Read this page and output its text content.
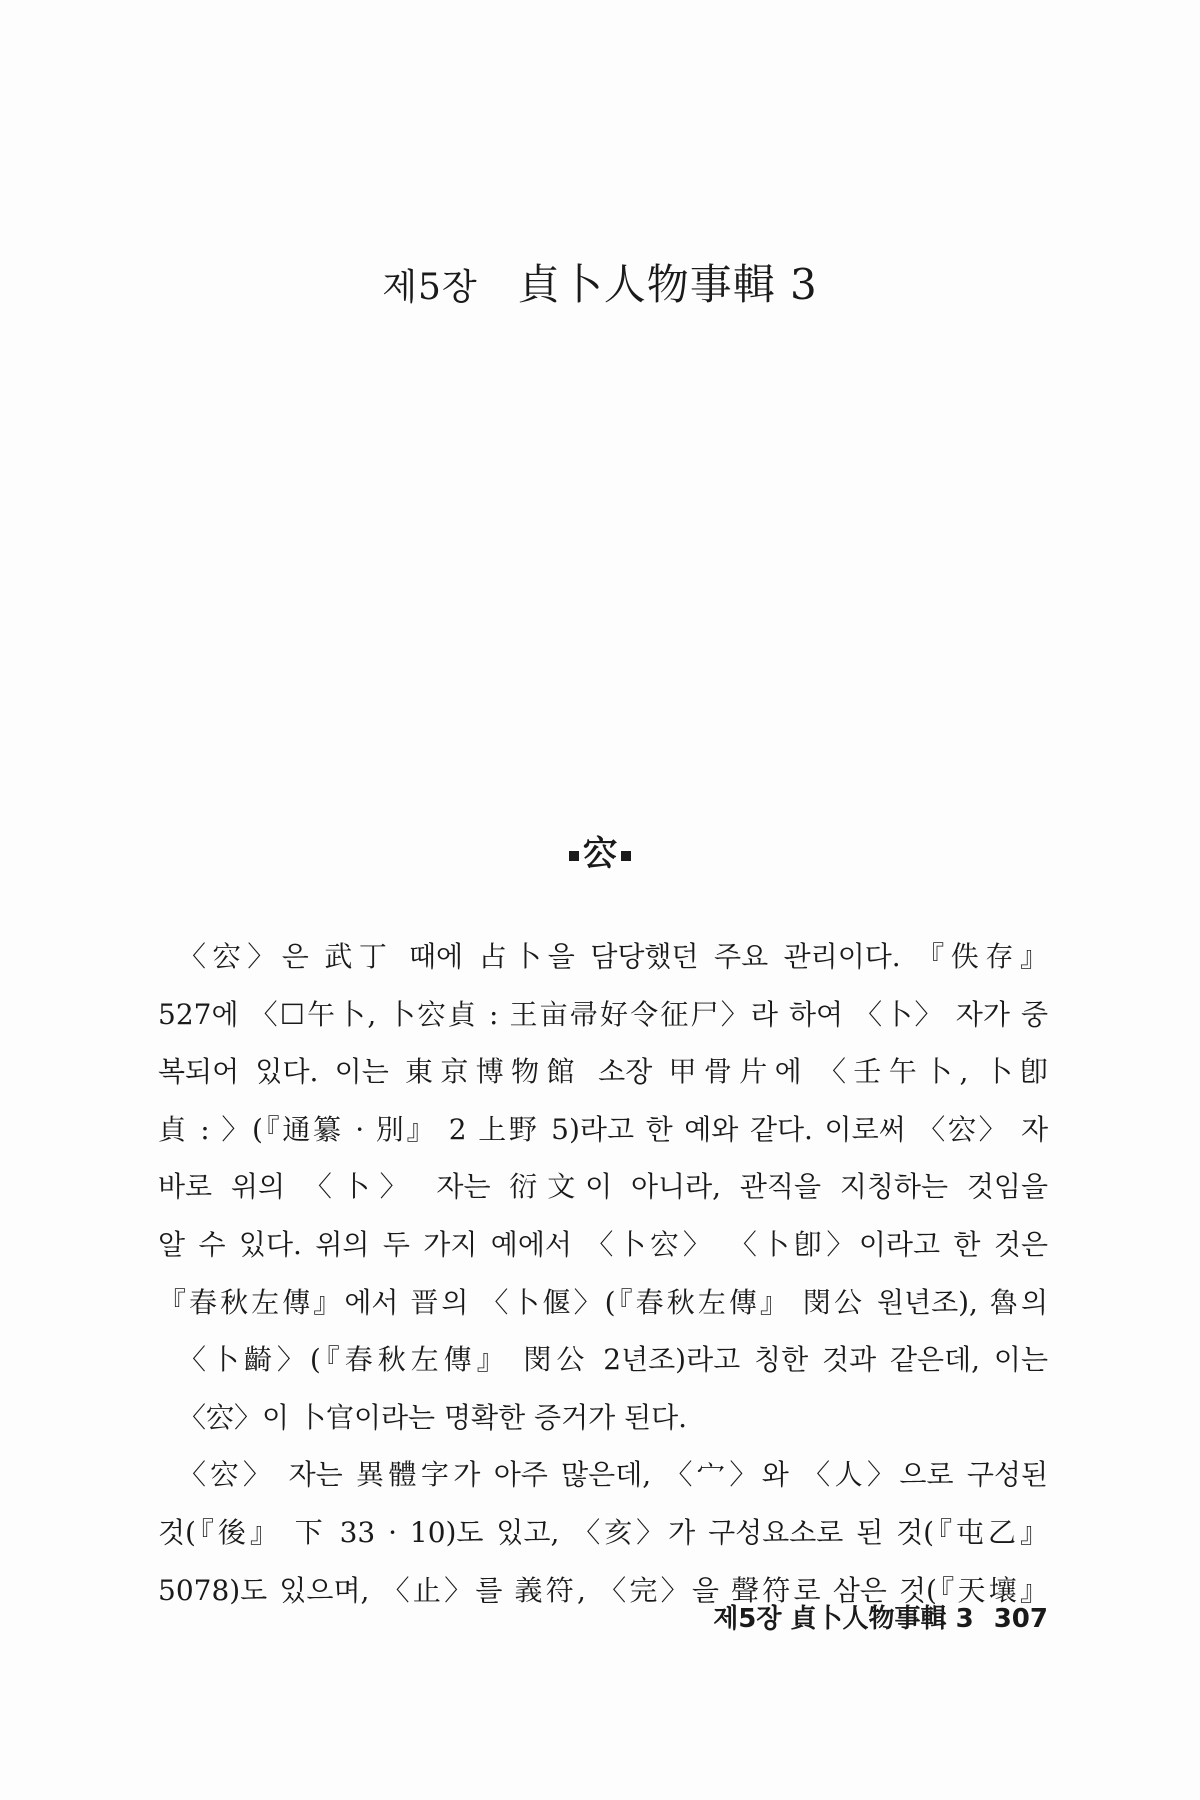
제5장 貞卜人物事輯 3
㝐
〈㝐〉은 武丁 때에 占卜을 담당했던 주요 관리이다. 『佚存』
527에 〈☐午卜, 卜㝐貞 : 王亩帚好令征尸〉라 하여 〈卜〉 자가 중
복되어 있다. 이는 東京博物館 소장 甲骨片에 〈壬午卜, 卜卽
貞 : 〉(『通纂 · 別』 2 上野 5)라고 한 예와 같다. 이로써 〈㝐〉 자
바로 위의 〈卜〉 자는 衍文이 아니라, 관직을 지칭하는 것임을
알 수 있다. 위의 두 가지 예에서 〈卜㝐〉 〈卜卽〉이라고 한 것은
『春秋左傳』에서 晋의 〈卜偃〉(『春秋左傳』 閔公 원년조), 魯의
〈卜齮〉(『春秋左傳』 閔公 2년조)라고 칭한 것과 같은데, 이는
〈㝐〉이 卜官이라는 명확한 증거가 된다.
〈㝐〉 자는 異體字가 아주 많은데, 〈宀〉와 〈人〉으로 구성된
것(『後』 下 33 · 10)도 있고, 〈亥〉가 구성요소로 된 것(『屯乙』
5078)도 있으며, 〈止〉를 義符, 〈完〉을 聲符로 삼은 것(『天壤』
제5장 貞卜人物事輯 3 307
